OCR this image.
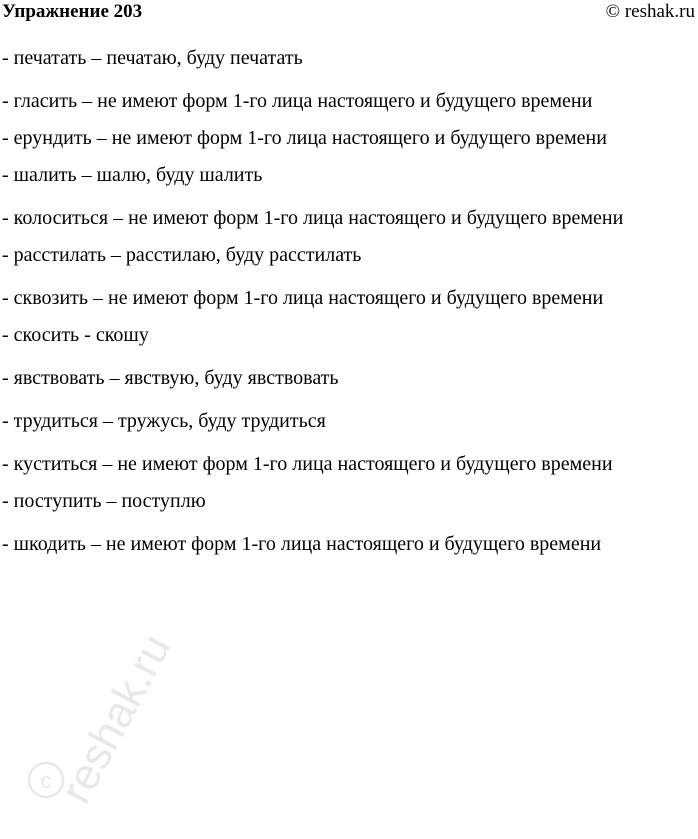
Упражнение 203	© reshak.ru

- печатать – печатаю, буду печатать

- гласить – не имеют форм 1-го лица настоящего и будущего времени

- ерундить – не имеют форм 1-го лица настоящего и будущего времени

- шалить – шалю, буду шалить

- колоситься – не имеют форм 1-го лица настоящего и будущего времени

- расстилать – расстилаю, буду расстилать

- сквозить – не имеют форм 1-го лица настоящего и будущего времени

- скосить - скошу

- явствовать – явствую, буду явствовать

- трудиться – тружусь, буду трудиться

- куститься – не имеют форм 1-го лица настоящего и будущего времени

- поступить – поступлю

- шкодить – не имеют форм 1-го лица настоящего и будущего времени

reshak.ru
c
